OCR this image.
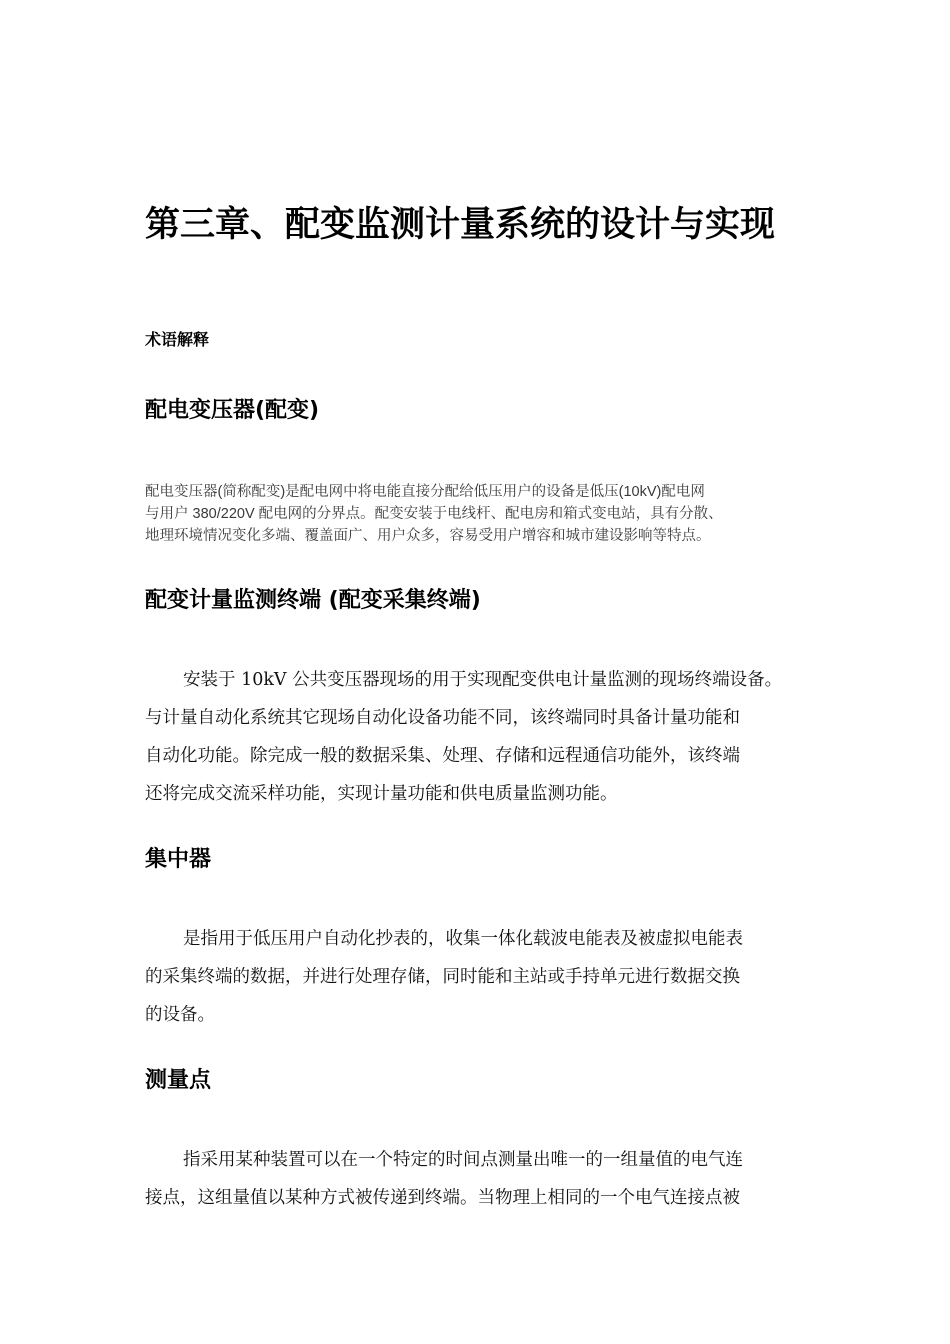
第三章、配变监测计量系统的设计与实现
术语解释
配电变压器(配变)
配电变压器(简称配变)是配电网中将电能直接分配给低压用户的设备是低压(10kV)配电网
与用户 380/220V 配电网的分界点。配变安装于电线杆、配电房和箱式变电站，具有分散、
地理环境情况变化多端、覆盖面广、用户众多，容易受用户增容和城市建设影响等特点。
配变计量监测终端 (配变采集终端)
安装于 10kV 公共变压器现场的用于实现配变供电计量监测的现场终端设备。
与计量自动化系统其它现场自动化设备功能不同，该终端同时具备计量功能和
自动化功能。除完成一般的数据采集、处理、存储和远程通信功能外，该终端
还将完成交流采样功能，实现计量功能和供电质量监测功能。
集中器
是指用于低压用户自动化抄表的，收集一体化载波电能表及被虚拟电能表
的采集终端的数据，并进行处理存储，同时能和主站或手持单元进行数据交换
的设备。
测量点
指采用某种装置可以在一个特定的时间点测量出唯一的一组量值的电气连
接点，这组量值以某种方式被传递到终端。当物理上相同的一个电气连接点被
